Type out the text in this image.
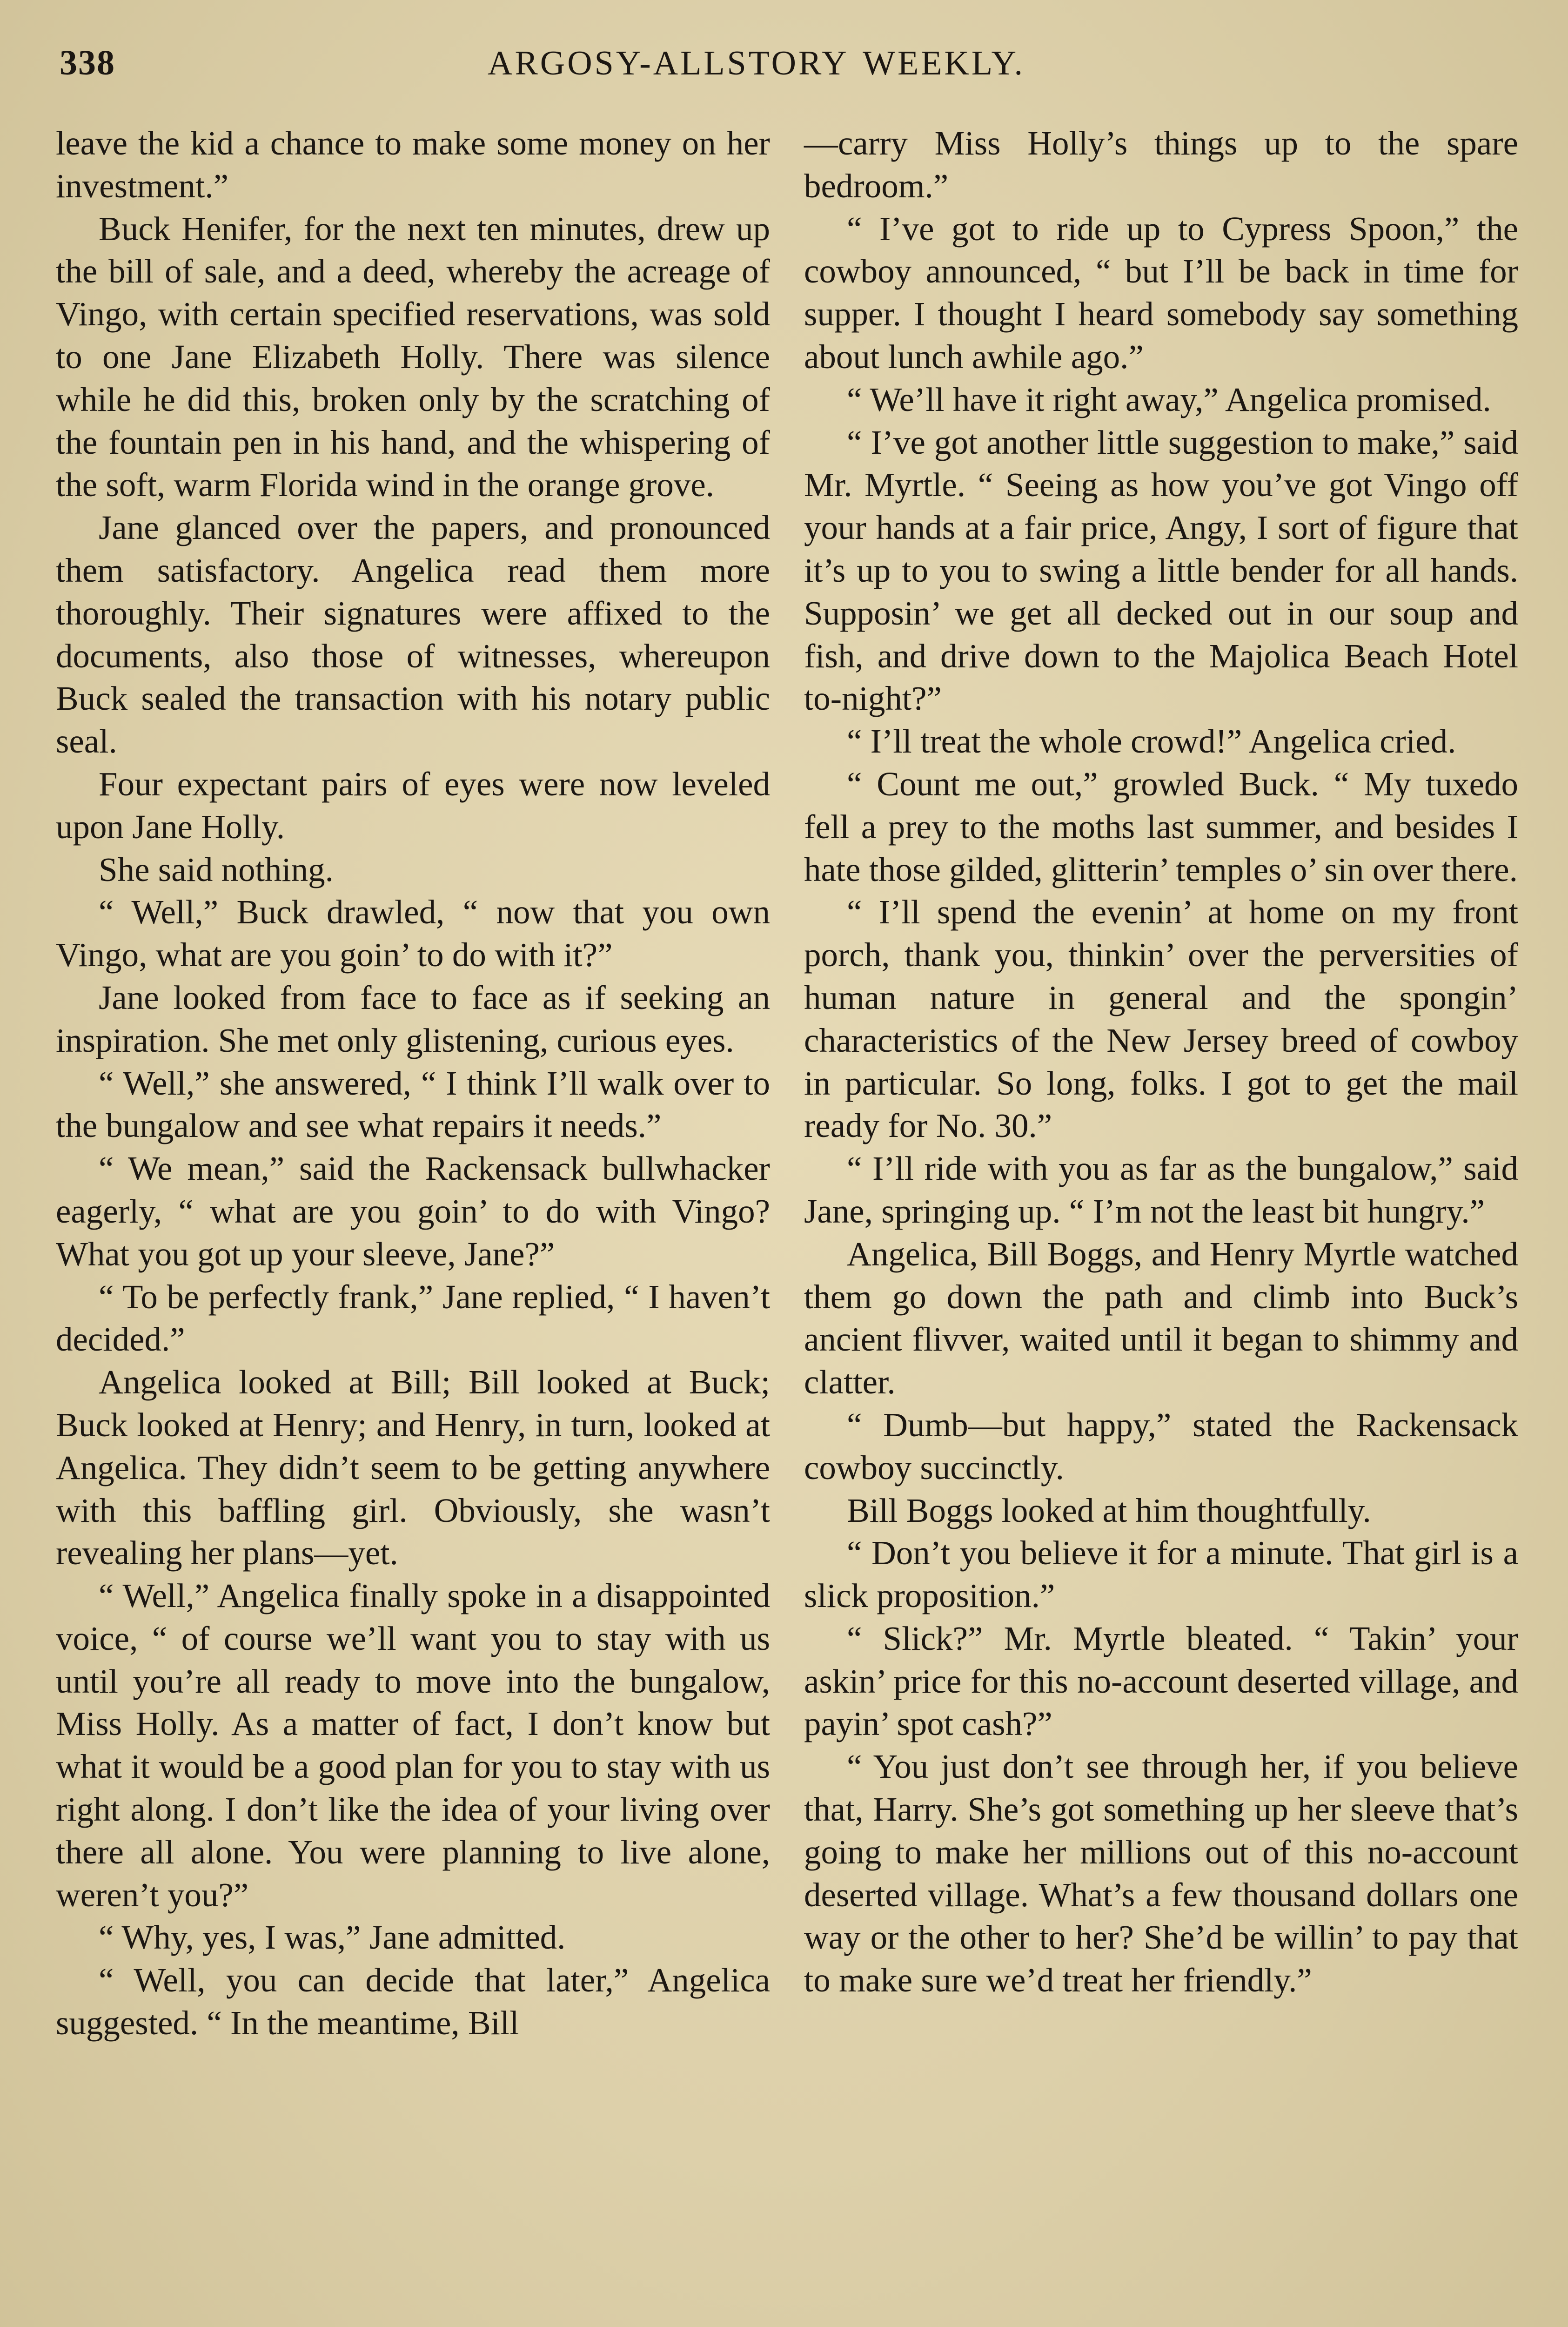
338	ARGOSY-ALLSTORY WEEKLY.

leave the kid a chance to make some money on her investment.”

Buck Henifer, for the next ten minutes, drew up the bill of sale, and a deed, whereby the acreage of Vingo, with certain specified reservations, was sold to one Jane Elizabeth Holly. There was silence while he did this, broken only by the scratching of the fountain pen in his hand, and the whispering of the soft, warm Florida wind in the orange grove.

Jane glanced over the papers, and pronounced them satisfactory. Angelica read them more thoroughly. Their signatures were affixed to the documents, also those of witnesses, whereupon Buck sealed the transaction with his notary public seal.

Four expectant pairs of eyes were now leveled upon Jane Holly.

She said nothing.

“ Well,” Buck drawled, “ now that you own Vingo, what are you goin’ to do with it?”

Jane looked from face to face as if seeking an inspiration. She met only glistening, curious eyes.

“ Well,” she answered, “ I think I’ll walk over to the bungalow and see what repairs it needs.”

“ We mean,” said the Rackensack bullwhacker eagerly, “ what are you goin’ to do with Vingo? What you got up your sleeve, Jane?”

“ To be perfectly frank,” Jane replied, “ I haven’t decided.”

Angelica looked at Bill; Bill looked at Buck; Buck looked at Henry; and Henry, in turn, looked at Angelica. They didn’t seem to be getting anywhere with this baffling girl. Obviously, she wasn’t revealing her plans—yet.

“ Well,” Angelica finally spoke in a disappointed voice, “ of course we’ll want you to stay with us until you’re all ready to move into the bungalow, Miss Holly. As a matter of fact, I don’t know but what it would be a good plan for you to stay with us right along. I don’t like the idea of your living over there all alone. You were planning to live alone, weren’t you?”

“ Why, yes, I was,” Jane admitted.

“ Well, you can decide that later,” Angelica suggested. “ In the meantime, Bill

—carry Miss Holly’s things up to the spare bedroom.”

“ I’ve got to ride up to Cypress Spoon,” the cowboy announced, “ but I’ll be back in time for supper. I thought I heard somebody say something about lunch awhile ago.”

“ We’ll have it right away,” Angelica promised.

“ I’ve got another little suggestion to make,” said Mr. Myrtle. “ Seeing as how you’ve got Vingo off your hands at a fair price, Angy, I sort of figure that it’s up to you to swing a little bender for all hands. Supposin’ we get all decked out in our soup and fish, and drive down to the Majolica Beach Hotel to-night?”

“ I’ll treat the whole crowd!” Angelica cried.

“ Count me out,” growled Buck. “ My tuxedo fell a prey to the moths last summer, and besides I hate those gilded, glitterin’ temples o’ sin over there.

“ I’ll spend the evenin’ at home on my front porch, thank you, thinkin’ over the perversities of human nature in general and the spongin’ characteristics of the New Jersey breed of cowboy in particular. So long, folks. I got to get the mail ready for No. 30.”

“ I’ll ride with you as far as the bungalow,” said Jane, springing up. “ I’m not the least bit hungry.”

Angelica, Bill Boggs, and Henry Myrtle watched them go down the path and climb into Buck’s ancient flivver, waited until it began to shimmy and clatter.

“ Dumb—but happy,” stated the Rackensack cowboy succinctly.

Bill Boggs looked at him thoughtfully.

“ Don’t you believe it for a minute. That girl is a slick proposition.”

“ Slick?” Mr. Myrtle bleated. “ Takin’ your askin’ price for this no-account deserted village, and payin’ spot cash?”

“ You just don’t see through her, if you believe that, Harry. She’s got something up her sleeve that’s going to make her millions out of this no-account deserted village. What’s a few thousand dollars one way or the other to her? She’d be willin’ to pay that to make sure we’d treat her friendly.”
